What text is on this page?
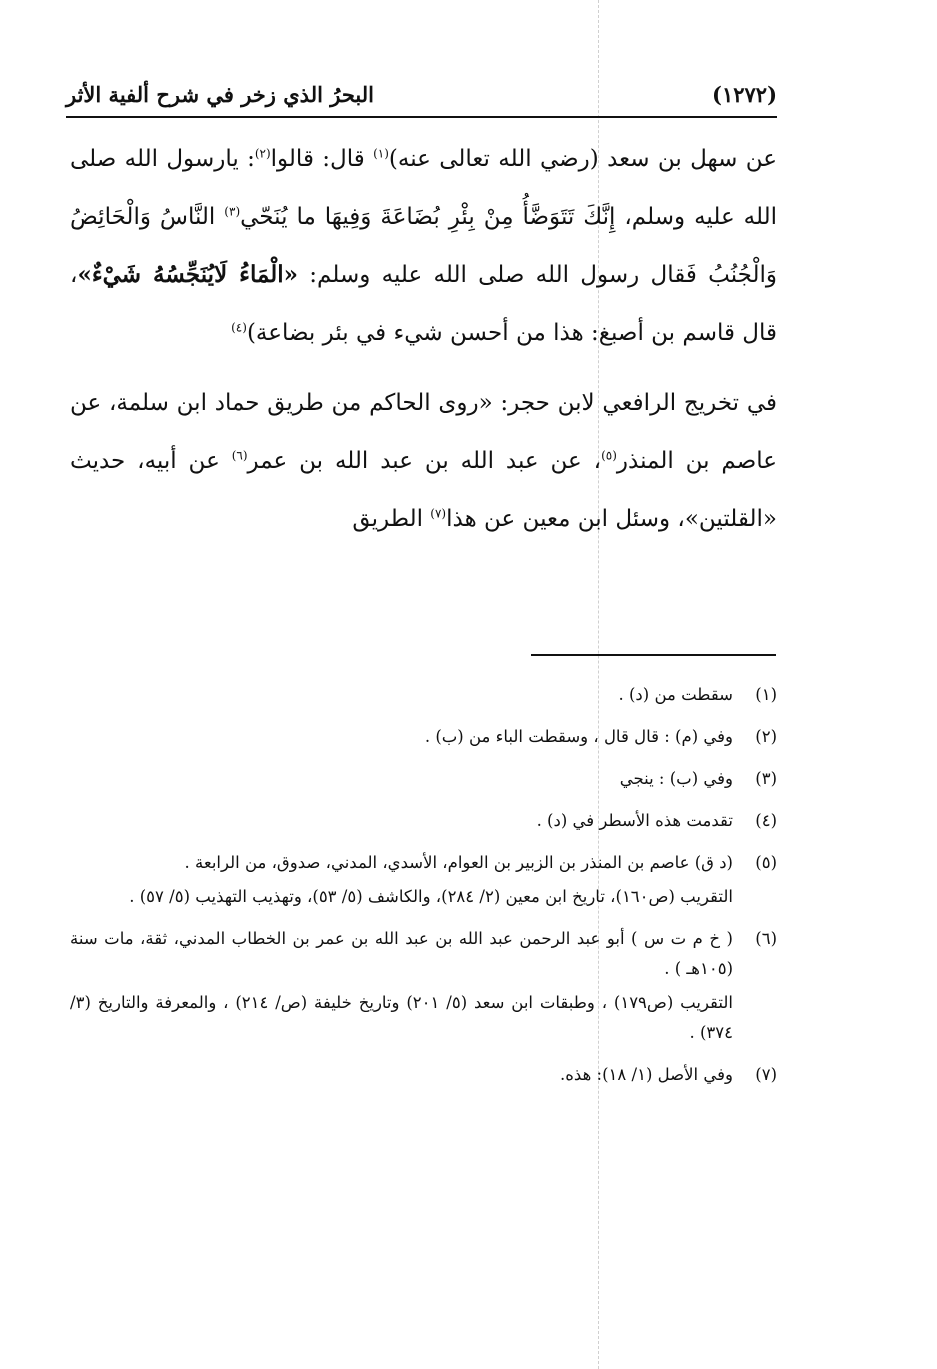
(١٢٧٢)
البحرُ الذي زخر في شرح ألفية الأثر

عن سهل بن سعد (رضي الله تعالى عنه)$^{(١)}$ قال: قالوا$^{(٢)}$: يارسول الله صلى الله عليه وسلم، إِنَّكَ تَتَوَضَّأُ مِنْ بِئْرِ بُضَاعَةَ وَفِيهَا ما يُنَحّي$^{(٣)}$ النَّاسُ وَالْحَائِضُ وَالْجُنُبُ فَقال رسول الله صلى الله عليه وسلم: «الْمَاءُ لَايُنَجِّسُهُ شَيْءٌ»، قال قاسم بن أصبغ: هذا من أحسن شيء في بئر بضاعة)$^{(٤)}$

في تخريج الرافعي لابن حجر: «روى الحاكم من طريق حماد ابن سلمة، عن عاصم بن المنذر$^{(٥)}$، عن عبد الله بن عبد الله بن عمر$^{(٦)}$ عن أبيه، حديث «القلتين»، وسئل ابن معين عن هذا$^{(٧)}$ الطريق

(١)
سقطت من (د) .
(٢)
وفي (م) : قال قال ، وسقطت الباء من (ب) .
(٣)
وفي (ب) : ينجي
(٤)
تقدمت هذه الأسطر في (د) .
(٥)
(د ق) عاصم بن المنذر بن الزبير بن العوام، الأسدي، المدني، صدوق، من الرابعة .
التقريب (ص١٦٠)، تاريخ ابن معين (٢/ ٢٨٤)، والكاشف (٥/ ٥٣)، وتهذيب التهذيب (٥/ ٥٧) .
(٦)
( خ م ت س ) أبو عبد الرحمن عبد الله بن عبد الله بن عمر بن الخطاب المدني، ثقة، مات سنة (١٠٥هـ ) .
التقريب (ص١٧٩) ، وطبقات ابن سعد (٥/ ٢٠١) وتاريخ خليفة (ص/ ٢١٤) ، والمعرفة والتاريخ (٣/ ٣٧٤) .
(٧)
وفي الأصل (١/ ١٨): هذه.
